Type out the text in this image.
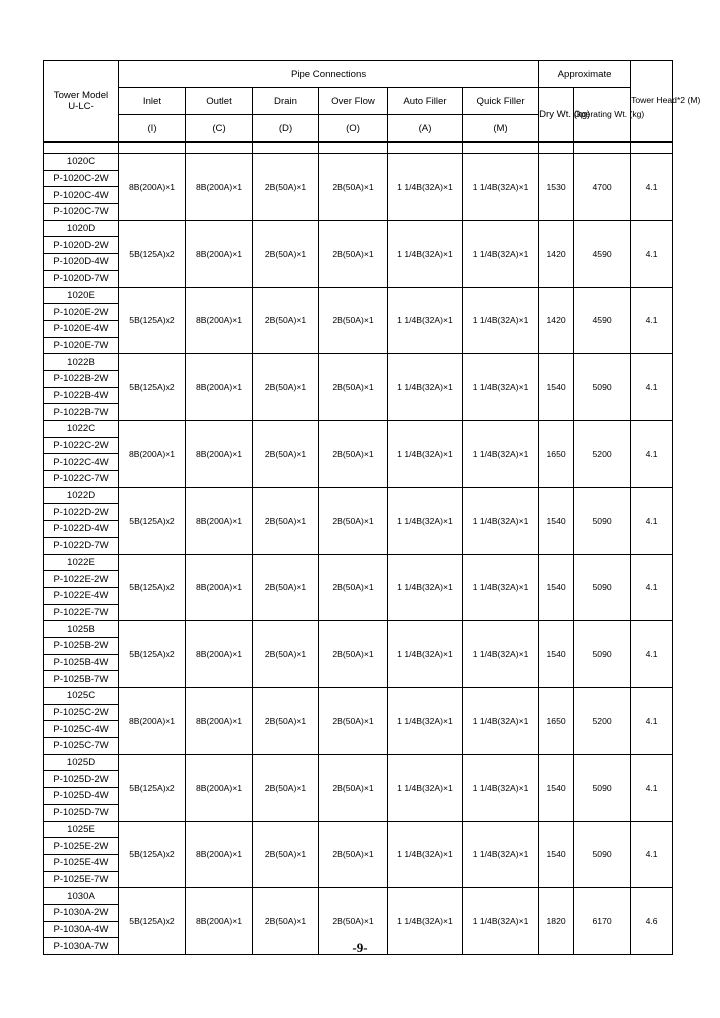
Tower Model
U-LC-	Pipe Connections						Approximate		Tower Head*2 (M)
	Inlet	Outlet	Drain	Over Flow	Auto Filler	Quick Filler	Dry Wt. (kg)	Operating Wt. (kg)	
	(I)	(C)	(D)	(O)	(A)	(M)			

1020C	8B(200A)×1	8B(200A)×1	2B(50A)×1	2B(50A)×1	1 1/4B(32A)×1	1 1/4B(32A)×1	1530	4700	4.1
P-1020C-2W									
P-1020C-4W									
P-1020C-7W									
1020D	5B(125A)x2	8B(200A)×1	2B(50A)×1	2B(50A)×1	1 1/4B(32A)×1	1 1/4B(32A)×1	1420	4590	4.1
P-1020D-2W									
P-1020D-4W									
P-1020D-7W									
1020E	5B(125A)x2	8B(200A)×1	2B(50A)×1	2B(50A)×1	1 1/4B(32A)×1	1 1/4B(32A)×1	1420	4590	4.1
P-1020E-2W									
P-1020E-4W									
P-1020E-7W									
1022B	5B(125A)x2	8B(200A)×1	2B(50A)×1	2B(50A)×1	1 1/4B(32A)×1	1 1/4B(32A)×1	1540	5090	4.1
P-1022B-2W									
P-1022B-4W									
P-1022B-7W									
1022C	8B(200A)×1	8B(200A)×1	2B(50A)×1	2B(50A)×1	1 1/4B(32A)×1	1 1/4B(32A)×1	1650	5200	4.1
P-1022C-2W									
P-1022C-4W									
P-1022C-7W									
1022D	5B(125A)x2	8B(200A)×1	2B(50A)×1	2B(50A)×1	1 1/4B(32A)×1	1 1/4B(32A)×1	1540	5090	4.1
P-1022D-2W									
P-1022D-4W									
P-1022D-7W									
1022E	5B(125A)x2	8B(200A)×1	2B(50A)×1	2B(50A)×1	1 1/4B(32A)×1	1 1/4B(32A)×1	1540	5090	4.1
P-1022E-2W									
P-1022E-4W									
P-1022E-7W									
1025B	5B(125A)x2	8B(200A)×1	2B(50A)×1	2B(50A)×1	1 1/4B(32A)×1	1 1/4B(32A)×1	1540	5090	4.1
P-1025B-2W									
P-1025B-4W									
P-1025B-7W									
1025C	8B(200A)×1	8B(200A)×1	2B(50A)×1	2B(50A)×1	1 1/4B(32A)×1	1 1/4B(32A)×1	1650	5200	4.1
P-1025C-2W									
P-1025C-4W									
P-1025C-7W									
1025D	5B(125A)x2	8B(200A)×1	2B(50A)×1	2B(50A)×1	1 1/4B(32A)×1	1 1/4B(32A)×1	1540	5090	4.1
P-1025D-2W									
P-1025D-4W									
P-1025D-7W									
1025E	5B(125A)x2	8B(200A)×1	2B(50A)×1	2B(50A)×1	1 1/4B(32A)×1	1 1/4B(32A)×1	1540	5090	4.1
P-1025E-2W									
P-1025E-4W									
P-1025E-7W									
1030A	5B(125A)x2	8B(200A)×1	2B(50A)×1	2B(50A)×1	1 1/4B(32A)×1	1 1/4B(32A)×1	1820	6170	4.6
P-1030A-2W									
P-1030A-4W									
P-1030A-7W										-9-
